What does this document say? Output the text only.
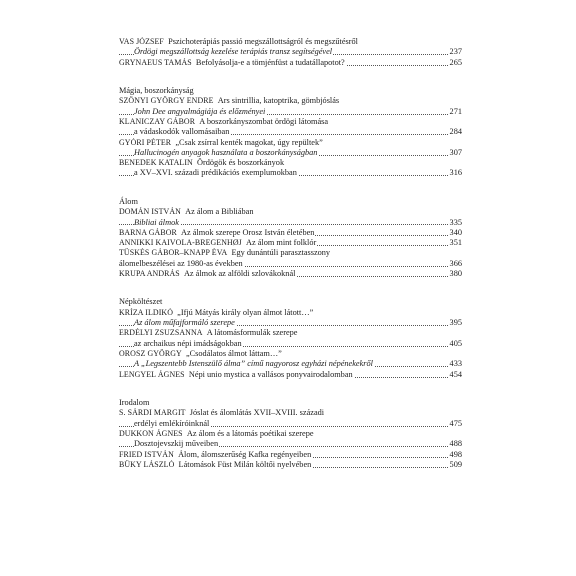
VAS JÓZSEF  Pszichoterápiás passió megszállottságról és megszűtésről
Ördögi megszállottság kezelése terápiás transz segítségével	237
GRYNAEUS TAMÁS  Befolyásolja-e a tömjénfüst a tudatállapotot?	265
Mágia, boszorkányság
SZŐNYI GYÖRGY ENDRE  Ars sintrillia, katoptrika, gömbjóslás
John Dee angyalmágiája és előzményei	271
KLANICZAY GÁBOR  A boszorkányszombat ördögi látomása
a vádaskodók vallomásaiban	284
GYÓRI PÉTER  „Csak zsírral kenték magokat, úgy repültek”
Hallucinogén anyagok használata a boszorkányságban	307
BENEDEK KATALIN  Ördögök és boszorkányok
a XV–XVI. századi prédikációs exemplumokban	316
Álom
DOMÁN ISTVÁN  Az álom a Bibliában
Bibliai álmok	335
BARNA GÁBOR  Az álmok szerepe Orosz István életében	340
ANNIKKI KAIVOLA-BREGENHØJ  Az álom mint folklór	351
TÜSKÉS GÁBOR–KNAPP ÉVA  Egy dunántúli parasztasszony
álomelbeszélései az 1980-as években	366
KRUPA ANDRÁS  Az álmok az alföldi szlovákoknál	380
Népköltészet
KRÍZA ILDIKÓ  „Ifjú Mátyás király olyan álmot látott…”
Az álom műfajformáló szerepe	395
ERDÉLYI ZSUZSANNA  A látomásformulák szerepe
az archaikus népi imádságokban	405
OROSZ GYÖRGY  „Csodálatos álmot láttam…”
A „Legszentebb Istenszülő álma” című nagyorosz egyházi népénekekről	433
LENGYEL ÁGNES  Népi unio mystica a vallásos ponyvairodalomban	454
Irodalom
S. SÁRDI MARGIT  Jóslat és álomlátás XVII–XVIII. századi
erdélyi emlékíróinknál	475
DUKKON ÁGNES  Az álom és a látomás poétikai szerepe
Dosztojevszkij műveiben	488
FRIED ISTVÁN  Álom, álomszerűség Kafka regényeiben	498
BÜKY LÁSZLÓ  Látomások Füst Milán költői nyelvében	509
